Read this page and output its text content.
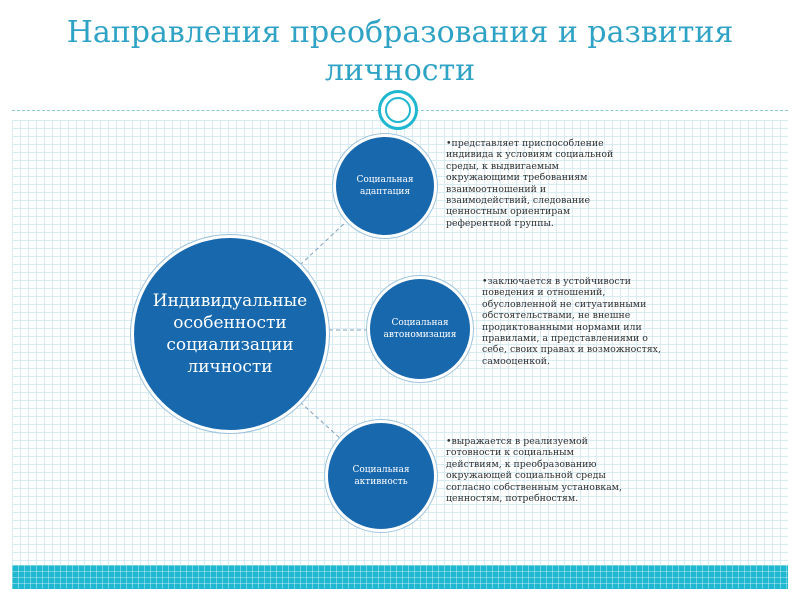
Направления преобразования и развития
личности
Индивидуальные особенности социализации личности
Социальная адаптация
•представляет приспособление индивида к условиям социальной среды, к выдвигаемым окружающими требованиям взаимоотношений и взаимодействий, следование ценностным ориентирам референтной группы.
Социальная автономизация
•заключается в устойчивости поведения и отношений, обусловленной не ситуативными обстоятельствами, не внешне продиктованными нормами или правилами, а представлениями о себе, своих правах и возможностях, самооценкой.
Социальная активность
•выражается в реализуемой готовности к социальным действиям, к преобразованию окружающей социальной среды согласно собственным установкам, ценностям, потребностям.
